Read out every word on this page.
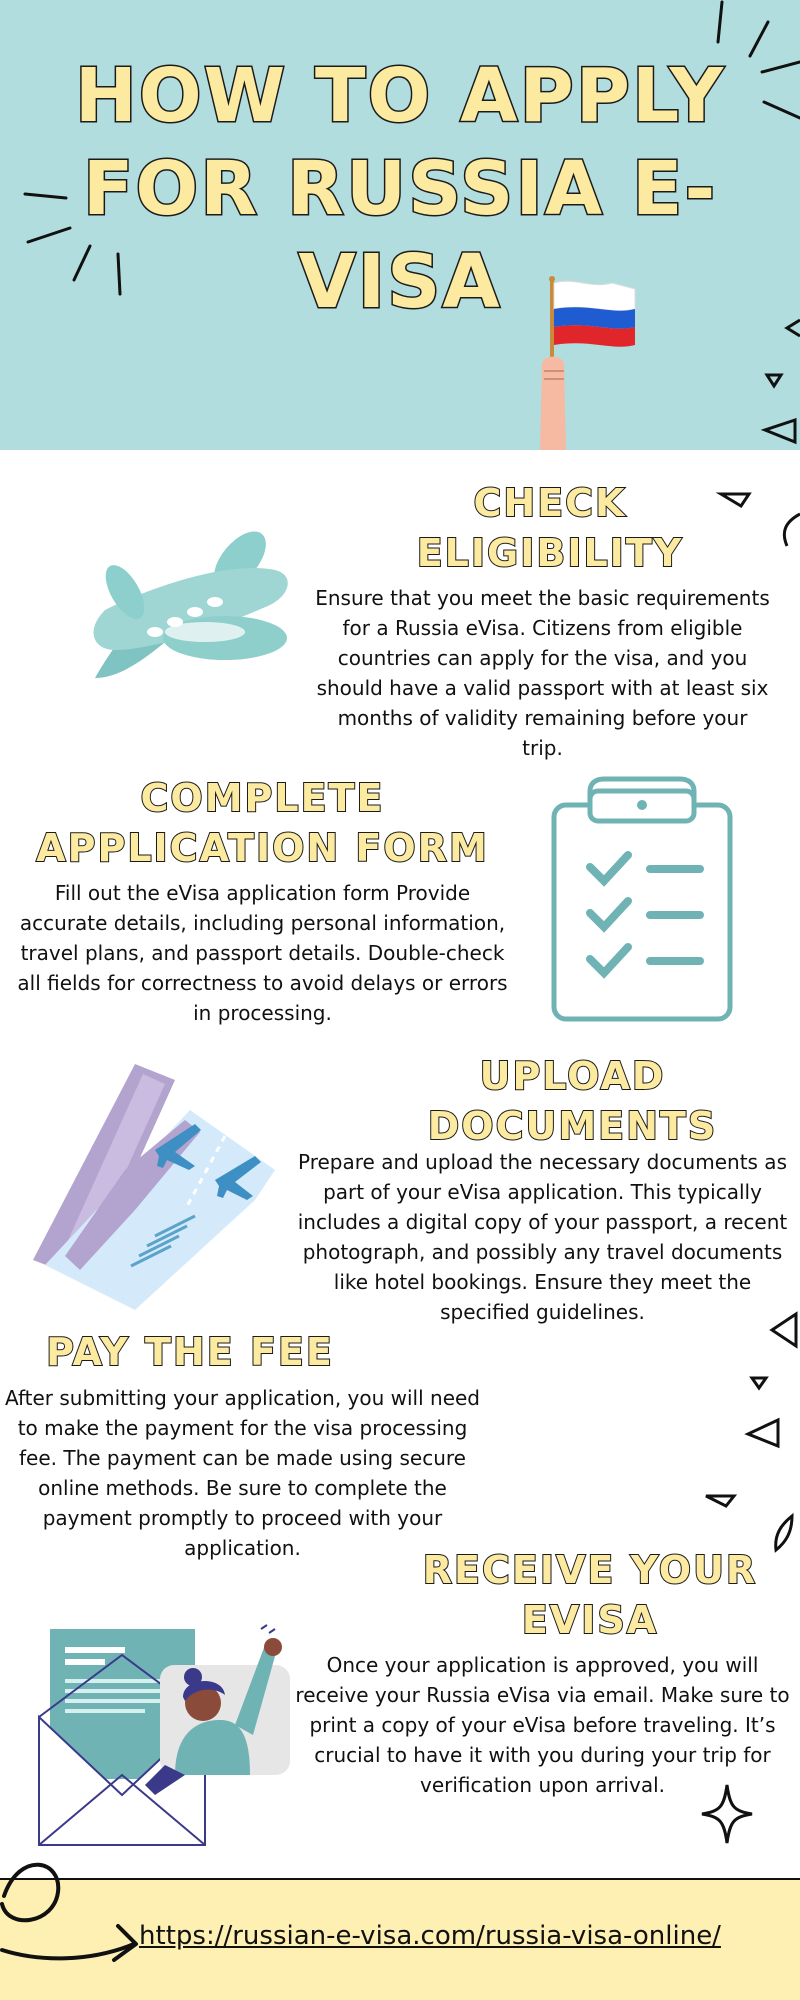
HOW TO APPLY FOR RUSSIA E-VISA
CHECK
ELIGIBILITY

Ensure that you meet the basic requirements for a Russia eVisa. Citizens from eligible countries can apply for the visa, and you should have a valid passport with at least six months of validity remaining before your trip.

COMPLETE
APPLICATION FORM

Fill out the eVisa application form Provide accurate details, including personal information, travel plans, and passport details. Double-check all fields for correctness to avoid delays or errors in processing.

UPLOAD
DOCUMENTS

Prepare and upload the necessary documents as part of your eVisa application. This typically includes a digital copy of your passport, a recent photograph, and possibly any travel documents like hotel bookings. Ensure they meet the specified guidelines.

PAY THE FEE

After submitting your application, you will need to make the payment for the visa processing fee. The payment can be made using secure online methods. Be sure to complete the payment promptly to proceed with your application.	RECEIVE YOUR
EVISA

Once your application is approved, you will receive your Russia eVisa via email. Make sure to print a copy of your eVisa before traveling. It’s crucial to have it with you during your trip for verification upon arrival.

https://russian-e-visa.com/russia-visa-online/
